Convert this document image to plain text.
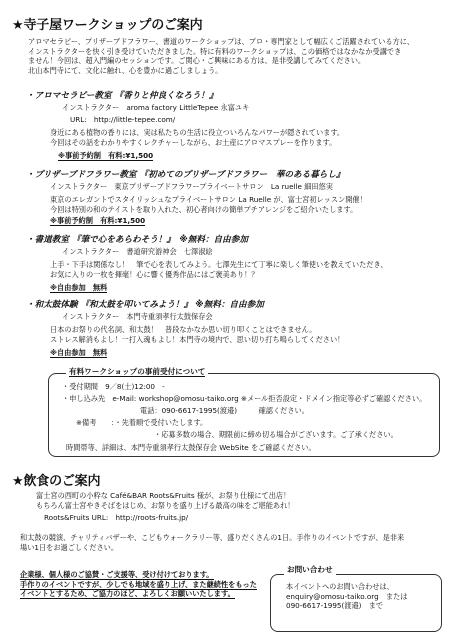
★寺子屋ワークショップのご案内
アロマセラピー、プリザーブドフラワー、書道のワークショップは、プロ・専門家として幅広くご活躍されている方に、
インストラクターを快く引き受けていただきました。特に有料のワークショップは、この価格ではなかなか受講でき
ません！今回は、超入門編のセッションです。ご関心・ご興味にある方は、是非受講してみてください。
北山本門寺にて、文化に触れ、心を豊かに過ごしましょう。
・アロマセラピー教室 『香りと仲良くなろう！』
インストラクター　aroma factory LittleTepee 永富ユキ
URL:　http://little-tepee.com/
身近にある植物の香りには、実は私たちの生活に役立ついろんなパワーが隠されています。
今回はその話をわかりやすくレクチャーしながら、お土産にアロマスプレーを作ります。
※事前予約制　有料:¥1,500
・プリザーブドフラワー教室 『初めてのプリザーブドフラワー　華のある暮らし』
インストラクター　東京プリザーブドフラワープライベートサロン　La ruelle 細田悠実
東京のエレガントでスタイリッシュなプライベートサロン La Ruelle が、富士宮初レッスン開催！
今回は特別の和のテイストを取り入れた、初心者向けの簡単プチアレンジをご紹介いたします。
※事前予約制　有料:¥1,500
・書道教室 『筆で心をあらわそう！』　※無料：自由参加
インストラクター　書道研究游神会　七澤淑絵
上手・下手は関係なし！　筆で心を表してみよう。七澤先生にて丁寧に楽しく筆使いを教えていただき、
お気に入りの一枚を揮毫！心に響く優秀作品にはご褒美あり！？
※自由参加　無料
・和太鼓体験 『和太鼓を叩いてみよう！』 ※無料：自由参加
インストラクター　本門寺重須孝行太鼓保存会
日本のお祭りの代名詞、和太鼓！　普段なかなか思い切り叩くことはできません。
ストレス解消もよし！一打入魂もよし！本門寺の境内で、思い切り打ち鳴らしてください！
※自由参加　無料
有料ワークショップの事前受付について
・受付期間　9／8(土)12:00　-
・申し込み先　e-Mail: workshop@omosu-taiko.org ※メール拒否設定・ドメイン指定等必ずご確認ください。
電話：090-6617-1995(渡邉)　　　確認ください。
※備考　　 ：・先着順で受付いたします。
・応募多数の場合、期限前に締め切る場合がございます。ご了承ください。
時間帯等、詳細は、本門寺重須孝行太鼓保存会 WebSite をご確認ください。
★飲食のご案内
富士宮の西町の小粋な Café&BAR Roots&Fruits 様が、お祭り仕様にて出店！
もちろん富士宮やきそばをはじめ、お祭りを盛り上げる最高の味をご堪能あれ！
Roots&Fruits URL:　http://roots-fruits.jp/
和太鼓の競演、チャリティバザーや、こどもウォークラリー等、盛りだくさんの1日。手作りのイベントですが、是非来
場い1日をお過ごしください。
企業様、個人様のご協賛・ご支援等、受け付けております。
手作りのイベントですが、少しでも地域を盛り上げ、また継続性をもった
イベントとするため、ご協力のほど、よろしくお願いいたします。
お問い合わせ
本イベントへのお問い合わせは、
enquiry@omosu-taiko.org　または
090-6617-1995(渡邉)　まで
